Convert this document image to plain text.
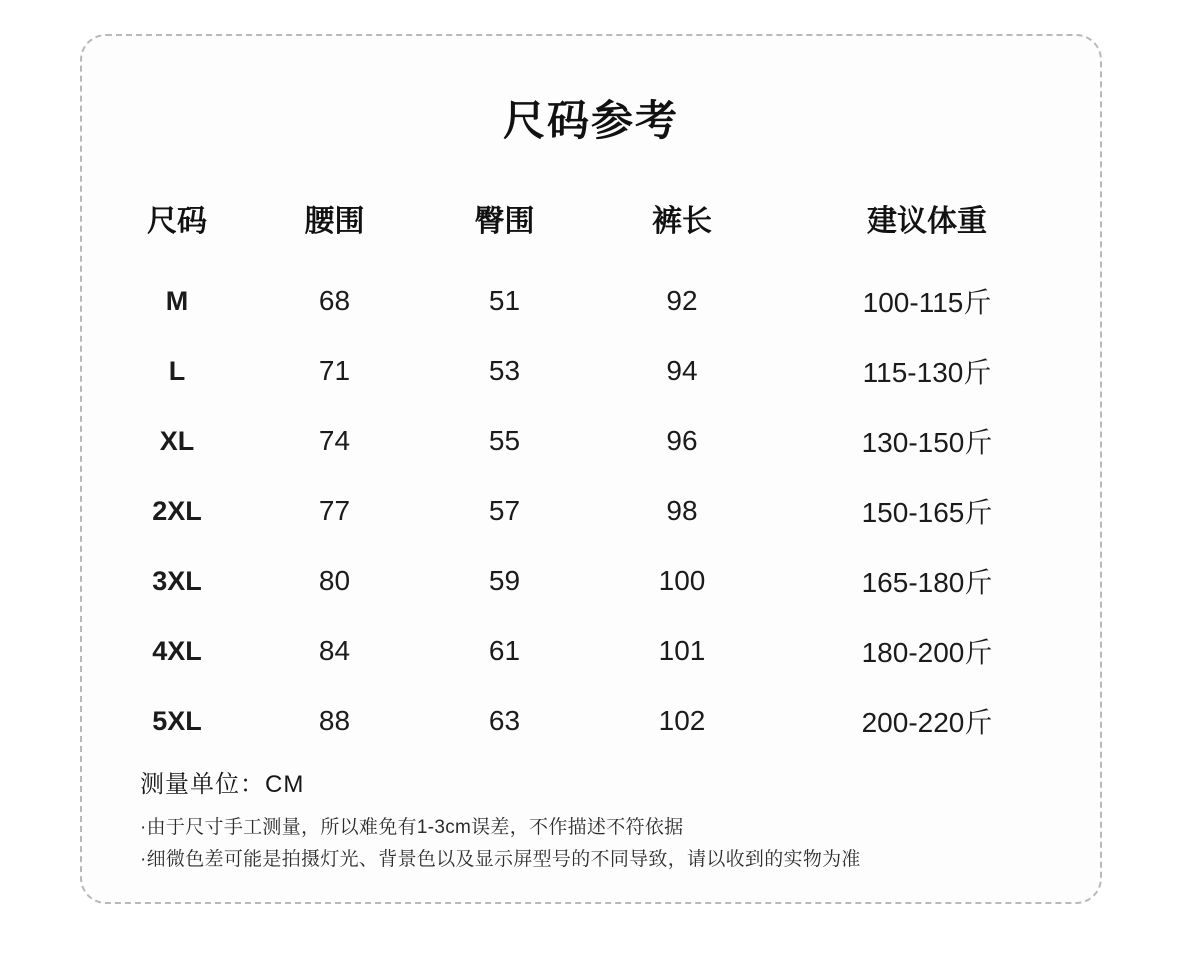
尺码参考
尺码	腰围	臀围	裤长	建议体重
M	68	51	92	100-115斤
L	71	53	94	115-130斤
XL	74	55	96	130-150斤
2XL	77	57	98	150-165斤
3XL	80	59	100	165-180斤
4XL	84	61	101	180-200斤
5XL	88	63	102	200-220斤
测量单位：CM
·由于尺寸手工测量，所以难免有1-3cm误差，不作描述不符依据
·细微色差可能是拍摄灯光、背景色以及显示屏型号的不同导致，请以收到的实物为准
